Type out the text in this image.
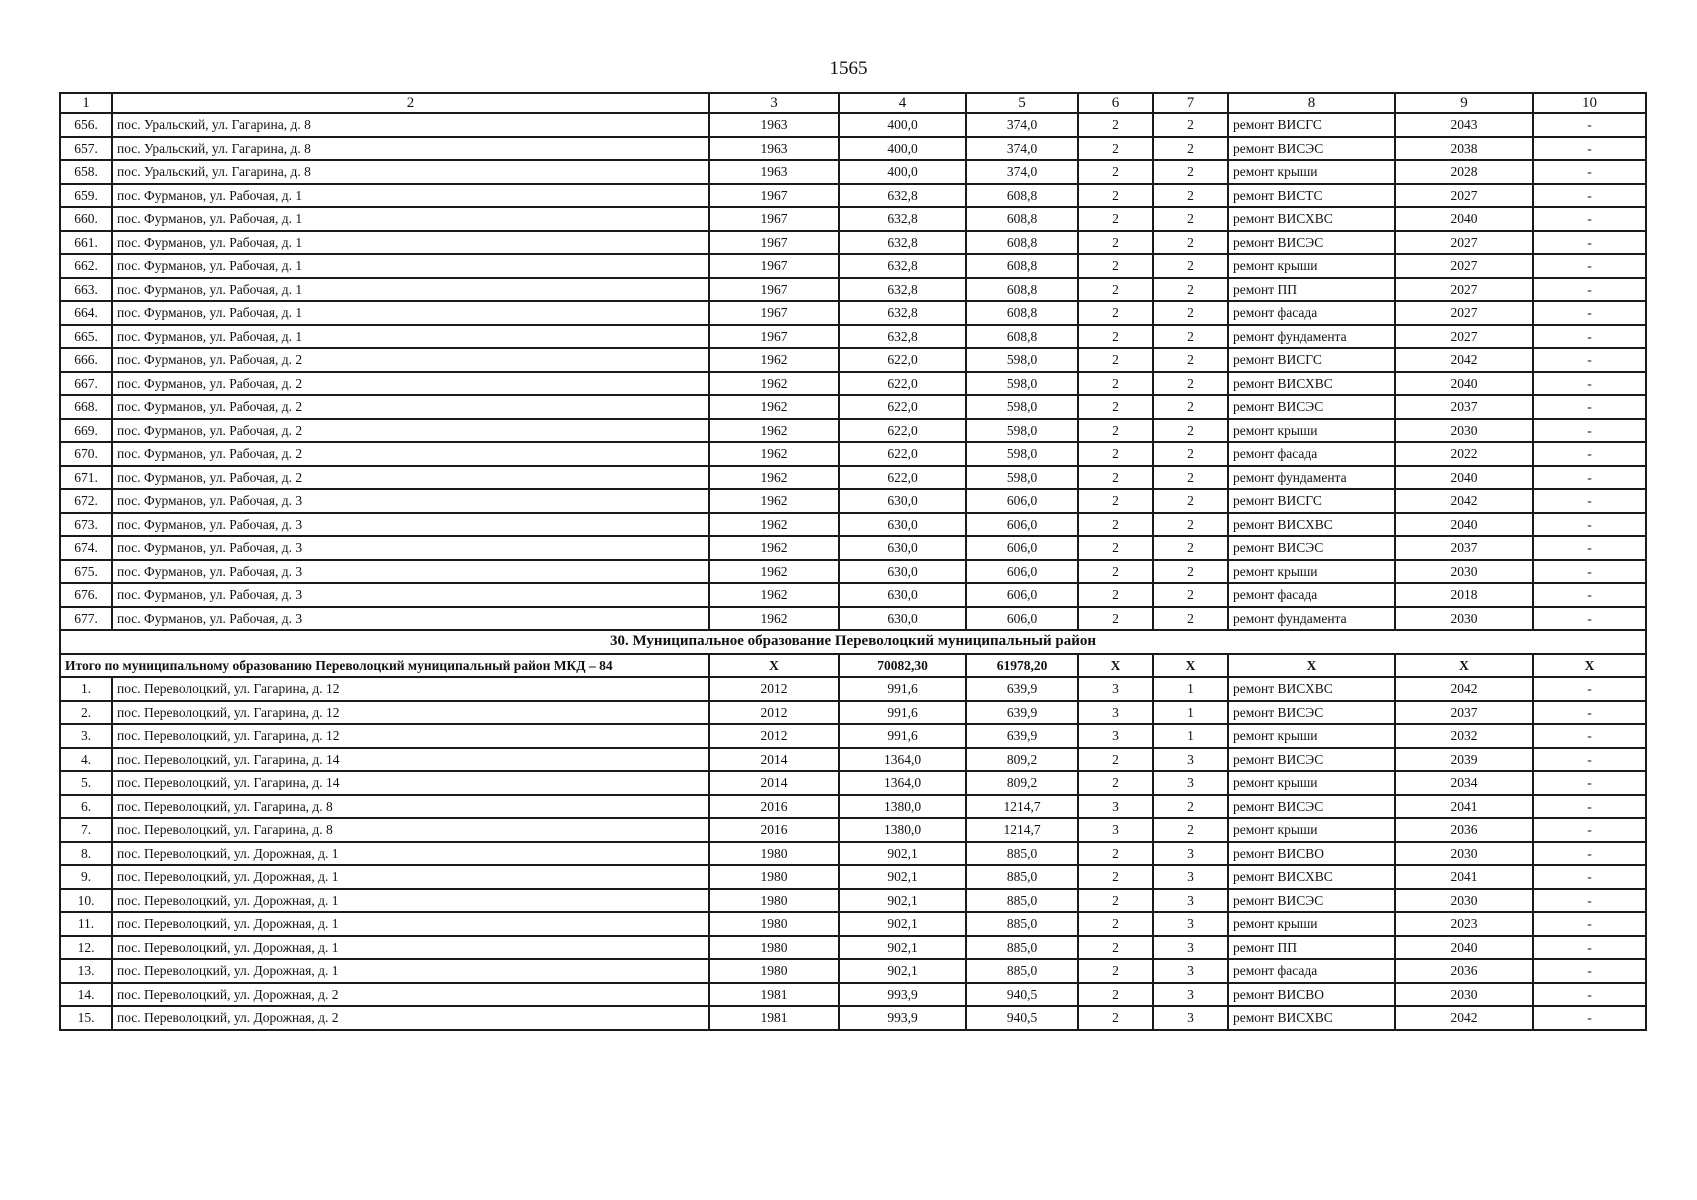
1565
1	2	3	4	5	6	7	8	9	10
656.	пос. Уральский, ул. Гагарина, д. 8	1963	400,0	374,0	2	2	ремонт ВИСГС	2043	-
657.	пос. Уральский, ул. Гагарина, д. 8	1963	400,0	374,0	2	2	ремонт ВИСЭС	2038	-
658.	пос. Уральский, ул. Гагарина, д. 8	1963	400,0	374,0	2	2	ремонт крыши	2028	-
659.	пос. Фурманов, ул. Рабочая, д. 1	1967	632,8	608,8	2	2	ремонт ВИСТС	2027	-
660.	пос. Фурманов, ул. Рабочая, д. 1	1967	632,8	608,8	2	2	ремонт ВИСХВС	2040	-
661.	пос. Фурманов, ул. Рабочая, д. 1	1967	632,8	608,8	2	2	ремонт ВИСЭС	2027	-
662.	пос. Фурманов, ул. Рабочая, д. 1	1967	632,8	608,8	2	2	ремонт крыши	2027	-
663.	пос. Фурманов, ул. Рабочая, д. 1	1967	632,8	608,8	2	2	ремонт ПП	2027	-
664.	пос. Фурманов, ул. Рабочая, д. 1	1967	632,8	608,8	2	2	ремонт фасада	2027	-
665.	пос. Фурманов, ул. Рабочая, д. 1	1967	632,8	608,8	2	2	ремонт фундамента	2027	-
666.	пос. Фурманов, ул. Рабочая, д. 2	1962	622,0	598,0	2	2	ремонт ВИСГС	2042	-
667.	пос. Фурманов, ул. Рабочая, д. 2	1962	622,0	598,0	2	2	ремонт ВИСХВС	2040	-
668.	пос. Фурманов, ул. Рабочая, д. 2	1962	622,0	598,0	2	2	ремонт ВИСЭС	2037	-
669.	пос. Фурманов, ул. Рабочая, д. 2	1962	622,0	598,0	2	2	ремонт крыши	2030	-
670.	пос. Фурманов, ул. Рабочая, д. 2	1962	622,0	598,0	2	2	ремонт фасада	2022	-
671.	пос. Фурманов, ул. Рабочая, д. 2	1962	622,0	598,0	2	2	ремонт фундамента	2040	-
672.	пос. Фурманов, ул. Рабочая, д. 3	1962	630,0	606,0	2	2	ремонт ВИСГС	2042	-
673.	пос. Фурманов, ул. Рабочая, д. 3	1962	630,0	606,0	2	2	ремонт ВИСХВС	2040	-
674.	пос. Фурманов, ул. Рабочая, д. 3	1962	630,0	606,0	2	2	ремонт ВИСЭС	2037	-
675.	пос. Фурманов, ул. Рабочая, д. 3	1962	630,0	606,0	2	2	ремонт крыши	2030	-
676.	пос. Фурманов, ул. Рабочая, д. 3	1962	630,0	606,0	2	2	ремонт фасада	2018	-
677.	пос. Фурманов, ул. Рабочая, д. 3	1962	630,0	606,0	2	2	ремонт фундамента	2030	-
30. Муниципальное образование Переволоцкий муниципальный район									
Итого по муниципальному образованию Переволоцкий муниципальный район МКД – 84		Х	70082,30	61978,20	Х	Х	Х	Х	Х
1.	пос. Переволоцкий, ул. Гагарина, д. 12	2012	991,6	639,9	3	1	ремонт ВИСХВС	2042	-
2.	пос. Переволоцкий, ул. Гагарина, д. 12	2012	991,6	639,9	3	1	ремонт ВИСЭС	2037	-
3.	пос. Переволоцкий, ул. Гагарина, д. 12	2012	991,6	639,9	3	1	ремонт крыши	2032	-
4.	пос. Переволоцкий, ул. Гагарина, д. 14	2014	1364,0	809,2	2	3	ремонт ВИСЭС	2039	-
5.	пос. Переволоцкий, ул. Гагарина, д. 14	2014	1364,0	809,2	2	3	ремонт крыши	2034	-
6.	пос. Переволоцкий, ул. Гагарина, д. 8	2016	1380,0	1214,7	3	2	ремонт ВИСЭС	2041	-
7.	пос. Переволоцкий, ул. Гагарина, д. 8	2016	1380,0	1214,7	3	2	ремонт крыши	2036	-
8.	пос. Переволоцкий, ул. Дорожная, д. 1	1980	902,1	885,0	2	3	ремонт ВИСВО	2030	-
9.	пос. Переволоцкий, ул. Дорожная, д. 1	1980	902,1	885,0	2	3	ремонт ВИСХВС	2041	-
10.	пос. Переволоцкий, ул. Дорожная, д. 1	1980	902,1	885,0	2	3	ремонт ВИСЭС	2030	-
11.	пос. Переволоцкий, ул. Дорожная, д. 1	1980	902,1	885,0	2	3	ремонт крыши	2023	-
12.	пос. Переволоцкий, ул. Дорожная, д. 1	1980	902,1	885,0	2	3	ремонт ПП	2040	-
13.	пос. Переволоцкий, ул. Дорожная, д. 1	1980	902,1	885,0	2	3	ремонт фасада	2036	-
14.	пос. Переволоцкий, ул. Дорожная, д. 2	1981	993,9	940,5	2	3	ремонт ВИСВО	2030	-
15.	пос. Переволоцкий, ул. Дорожная, д. 2	1981	993,9	940,5	2	3	ремонт ВИСХВС	2042	-
